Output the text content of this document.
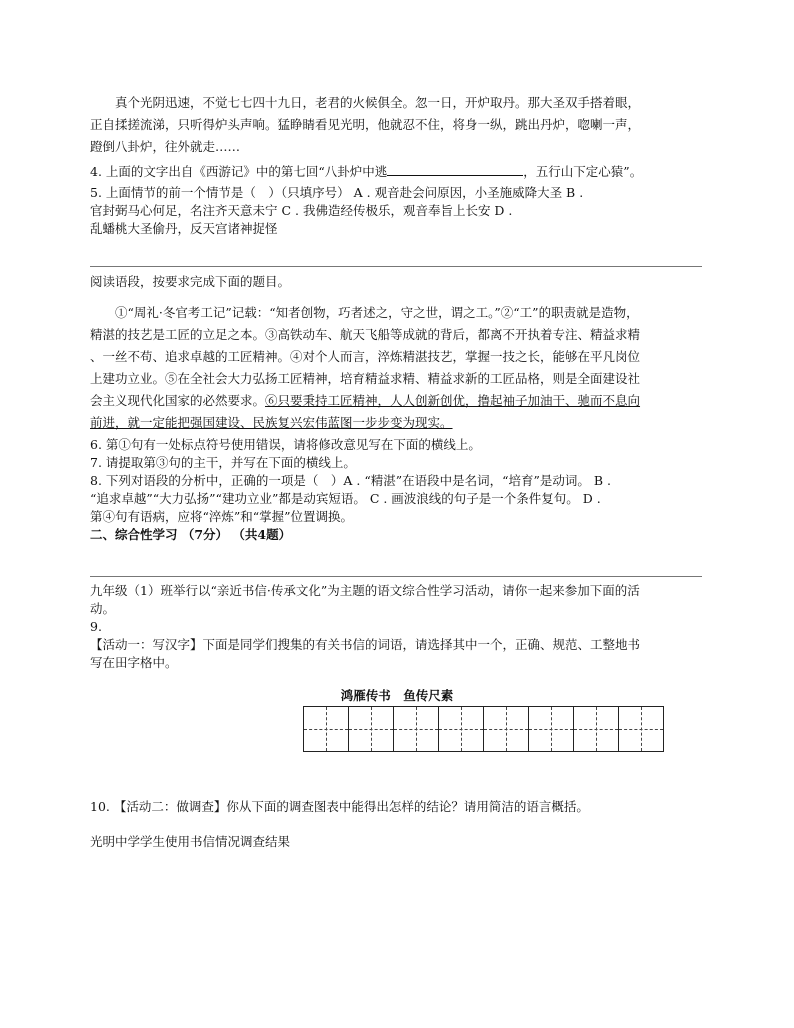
真个光阴迅速，不觉七七四十九日，老君的火候俱全。忽一日，开炉取丹。那大圣双手搭着眼，

正自揉搓流涕，只听得炉头声响。猛睁睛看见光明，他就忍不住，将身一纵，跳出丹炉，唿喇一声，

蹬倒八卦炉，往外就走……

4. 上面的文字出自《西游记》中的第七回“八卦炉中逃	，五行山下定心猿”。
5. 上面情节的前一个情节是（　）（只填序号） A . 观音赴会问原因，小圣施威降大圣 B .
官封弼马心何足，名注齐天意未宁 C . 我佛造经传极乐，观音奉旨上长安 D .
乱蟠桃大圣偷丹，反天宫诸神捉怪
阅读语段，按要求完成下面的题目。

①“周礼·冬官考工记”记载：“知者创物，巧者述之，守之世，谓之工。”②“工”的职责就是造物，

精湛的技艺是工匠的立足之本。③高铁动车、航天飞船等成就的背后，都离不开执着专注、精益求精

、一丝不苟、追求卓越的工匠精神。④对个人而言，淬炼精湛技艺，掌握一技之长，能够在平凡岗位

上建功立业。⑤在全社会大力弘扬工匠精神，培育精益求精、精益求新的工匠品格，则是全面建设社

会主义现代化国家的必然要求。⑥只要秉持工匠精神，人人创新创优，撸起袖子加油干、驰而不息向

前进，就一定能把强国建设、民族复兴宏伟蓝图一步步变为现实。

6. 第①句有一处标点符号使用错误，请将修改意见写在下面的横线上。
7. 请提取第③句的主干，并写在下面的横线上。
8. 下列对语段的分析中，正确的一项是（　）A . “精湛”在语段中是名词，“培育”是动词。 B .
“追求卓越”“大力弘扬”“建功立业”都是动宾短语。 C . 画波浪线的句子是一个条件复句。 D .
第④句有语病，应将“淬炼”和“掌握”位置调换。
二、综合性学习 （7分） （共4题）
九年级（1）班举行以“亲近书信·传承文化”为主题的语文综合性学习活动，请你一起来参加下面的活
动。
9.
【活动一：写汉字】下面是同学们搜集的有关书信的词语，请选择其中一个，正确、规范、工整地书
写在田字格中。
鸿雁传书　鱼传尺素
10. 【活动二：做调查】你从下面的调查图表中能得出怎样的结论？请用简洁的语言概括。
光明中学学生使用书信情况调查结果
